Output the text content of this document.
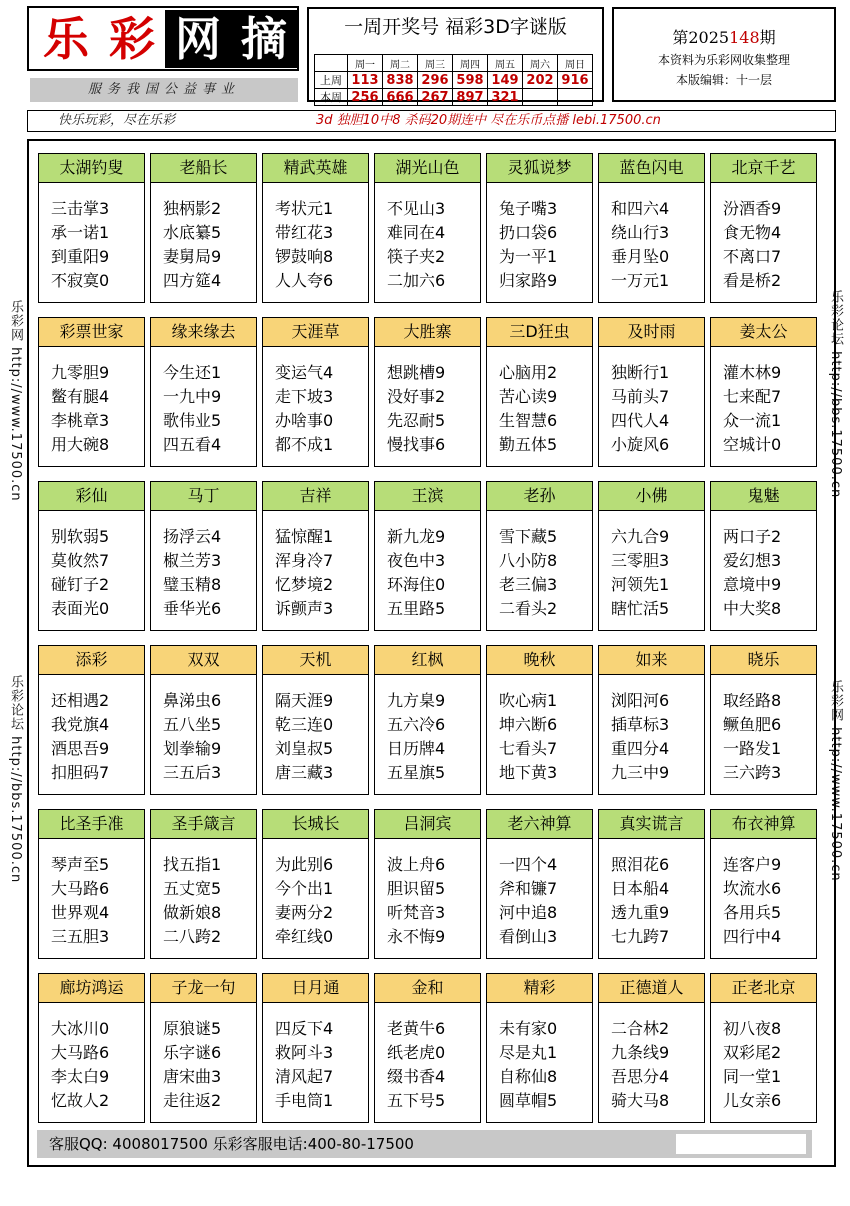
乐 彩 网 摘
服务我国公益事业
一周开奖号 福彩3D字谜版
	周一	周二	周三	周四	周五	周六	周日
上周	113	838	296	598	149	202	916
本周	256	666	267	897	321		
第2025148期
本资料为乐彩网收集整理
本版编辑：十一层
快乐玩彩，尽在乐彩	3d 独胆10中8 杀码20期连中 尽在乐币点播 lebi.17500.cn
乐彩网 http://www.17500.cn
乐彩论坛 http://bbs.17500.cn
乐彩论坛 http://bbs.17500.cn
乐彩网 http://www.17500.cn
太湖钓叟
三击掌3
承一诺1
到重阳9
不寂寞0
老船长
独柄影2
水底纂5
妻舅局9
四方筵4
精武英雄
考状元1
带红花3
锣鼓响8
人人夸6
湖光山色
不见山3
难同在4
筷子夹2
二加六6
灵狐说梦
兔子嘴3
扔口袋6
为一平1
归家路9
蓝色闪电
和四六4
绕山行3
垂月坠0
一万元1
北京千艺
汾酒香9
食无物4
不离口7
看是桥2
彩票世家
九零胆9
鳖有腿4
李桃章3
用大碗8
缘来缘去
今生还1
一九中9
歌伟业5
四五看4
天涯草
变运气4
走下坡3
办啥事0
都不成1
大胜寨
想跳槽9
没好事2
先忍耐5
慢找事6
三D狂虫
心脑用2
苦心读9
生智慧6
勤五体5
及时雨
独断行1
马前头7
四代人4
小旋风6
姜太公
灌木林9
七来配7
众一流1
空城计0
彩仙
别软弱5
莫攸然7
碰钉子2
表面光0
马丁
扬浮云4
椒兰芳3
璧玉精8
垂华光6
吉祥
猛惊醒1
浑身冷7
忆梦境2
诉颤声3
王滨
新九龙9
夜色中3
环海住0
五里路5
老孙
雪下藏5
八小防8
老三偏3
二看头2
小佛
六九合9
三零胆3
河领先1
瞎忙活5
鬼魅
两口子2
爱幻想3
意境中9
中大奖8
添彩
还相遇2
我党旗4
酒思吾9
扣胆码7
双双
鼻涕虫6
五八坐5
划拳输9
三五后3
天机
隔天涯9
乾三连0
刘皇叔5
唐三藏3
红枫
九方臬9
五六冷6
日历牌4
五星旗5
晚秋
吹心病1
坤六断6
七看头7
地下黄3
如来
浏阳河6
插草标3
重四分4
九三中9
晓乐
取经路8
鳜鱼肥6
一路发1
三六跨3
比圣手准
琴声至5
大马路6
世界观4
三五胆3
圣手箴言
找五指1
五丈宽5
做新娘8
二八跨2
长城长
为此别6
今个出1
妻两分2
牵红线0
吕洞宾
波上舟6
胆识留5
听梵音3
永不悔9
老六神算
一四个4
斧和镰7
河中追8
看倒山3
真实谎言
照泪花6
日本船4
透九重9
七九跨7
布衣神算
连客户9
坎流水6
各用兵5
四行中4
廊坊鸿运
大冰川0
大马路6
李太白9
忆故人2
子龙一句
原狼谜5
乐字谜6
唐宋曲3
走往返2
日月通
四反下4
救阿斗3
清风起7
手电筒1
金和
老黄牛6
纸老虎0
缀书香4
五下号5
精彩
未有家0
尽是丸1
自称仙8
圆草帽5
正德道人
二合林2
九条线9
吾思分4
骑大马8
正老北京
初八夜8
双彩尾2
同一堂1
儿女亲6
客服QQ: 4008017500 乐彩客服电话:400-80-17500
